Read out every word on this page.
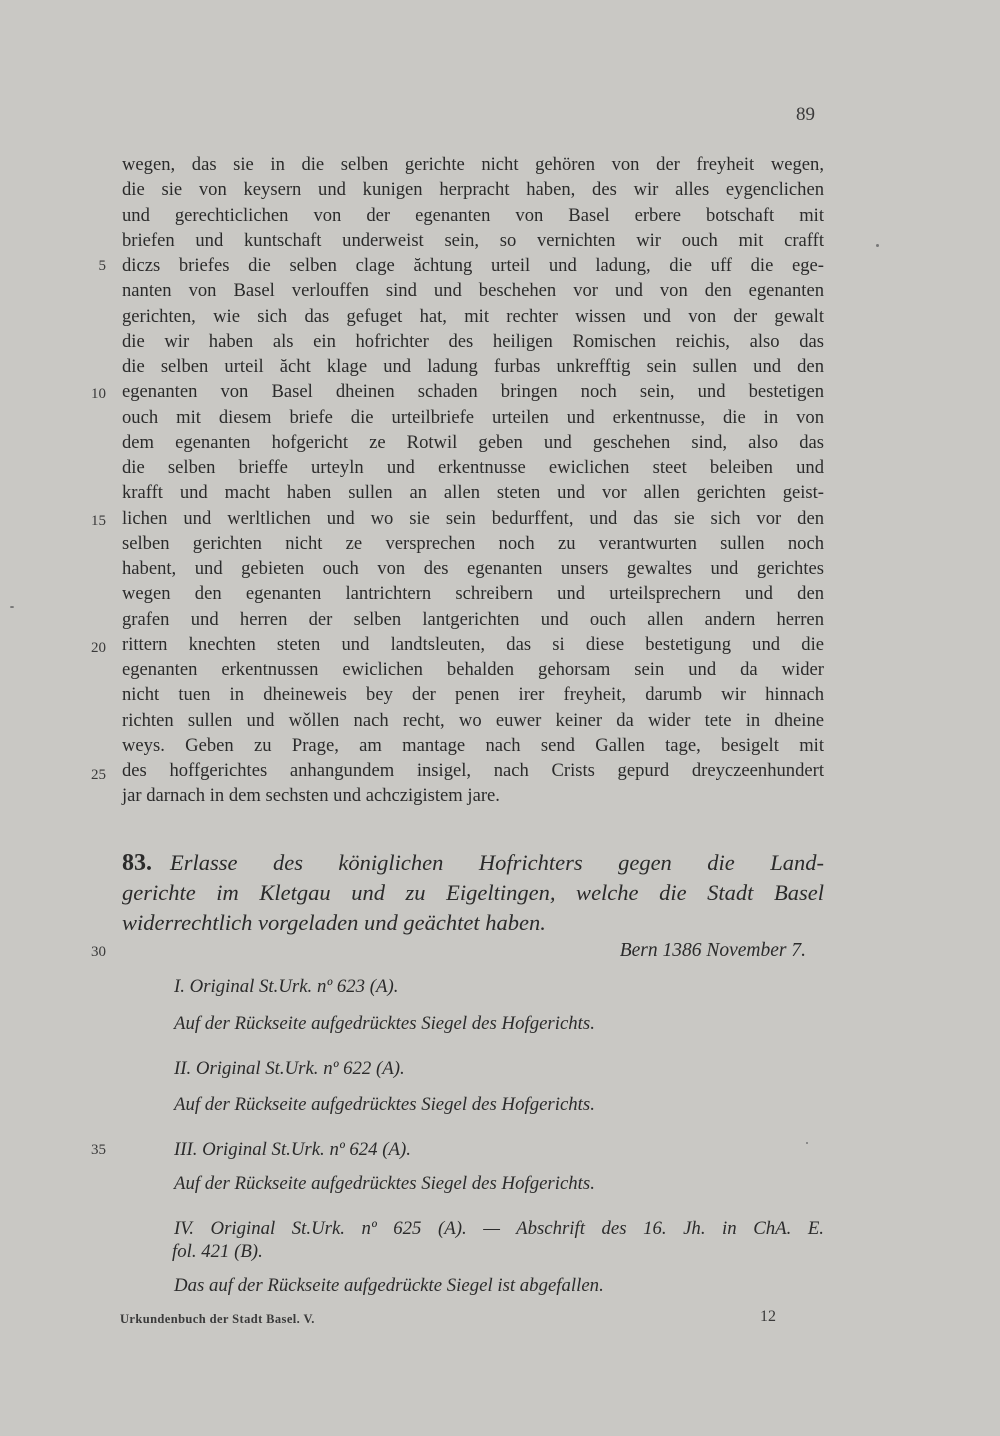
89
wegen, das sie in die selben gerichte nicht gehören von der freyheit wegen,
die sie von keysern und kunigen herpracht haben, des wir alles eygenclichen
und gerechticlichen von der egenanten von Basel erbere botschaft mit
briefen und kuntschaft underweist sein, so vernichten wir ouch mit crafft
diczs briefes die selben clage ăchtung urteil und ladung, die uff die ege-
nanten von Basel verlouffen sind und beschehen vor und von den egenanten
gerichten, wie sich das gefuget hat, mit rechter wissen und von der gewalt
die wir haben als ein hofrichter des heiligen Romischen reichis, also das
die selben urteil ăcht klage und ladung furbas unkrefftig sein sullen und den
egenanten von Basel dheinen schaden bringen noch sein, und bestetigen
ouch mit diesem briefe die urteilbriefe urteilen und erkentnusse, die in von
dem egenanten hofgericht ze Rotwil geben und geschehen sind, also das
die selben brieffe urteyln und erkentnusse ewiclichen steet beleiben und
krafft und macht haben sullen an allen steten und vor allen gerichten geist-
lichen und werltlichen und wo sie sein bedurffent, und das sie sich vor den
selben gerichten nicht ze versprechen noch zu verantwurten sullen noch
habent, und gebieten ouch von des egenanten unsers gewaltes und gerichtes
wegen den egenanten lantrichtern schreibern und urteilsprechern und den
grafen und herren der selben lantgerichten und ouch allen andern herren
rittern knechten steten und landtsleuten, das si diese bestetigung und die
egenanten erkentnussen ewiclichen behalden gehorsam sein und da wider
nicht tuen in dheineweis bey der penen irer freyheit, darumb wir hinnach
richten sullen und wǒllen nach recht, wo euwer keiner da wider tete in dheine
weys. Geben zu Prage, am mantage nach send Gallen tage, besigelt mit
des hoffgerichtes anhangundem insigel, nach Crists gepurd dreyczeenhundert
jar darnach in dem sechsten und achczigistem jare.
5
10
15
20
25
30
35
83. Erlasse des königlichen Hofrichters gegen die Land-
gerichte im Kletgau und zu Eigeltingen, welche die Stadt Basel
widerrechtlich vorgeladen und geächtet haben.
Bern 1386 November 7.
I. Original St.Urk. nº 623 (A).
Auf der Rückseite aufgedrücktes Siegel des Hofgerichts.
II. Original St.Urk. nº 622 (A).
Auf der Rückseite aufgedrücktes Siegel des Hofgerichts.
III. Original St.Urk. nº 624 (A).
Auf der Rückseite aufgedrücktes Siegel des Hofgerichts.
IV. Original St.Urk. nº 625 (A). — Abschrift des 16. Jh. in ChA. E.
fol. 421 (B).
Das auf der Rückseite aufgedrückte Siegel ist abgefallen.
Urkundenbuch der Stadt Basel. V.	12
